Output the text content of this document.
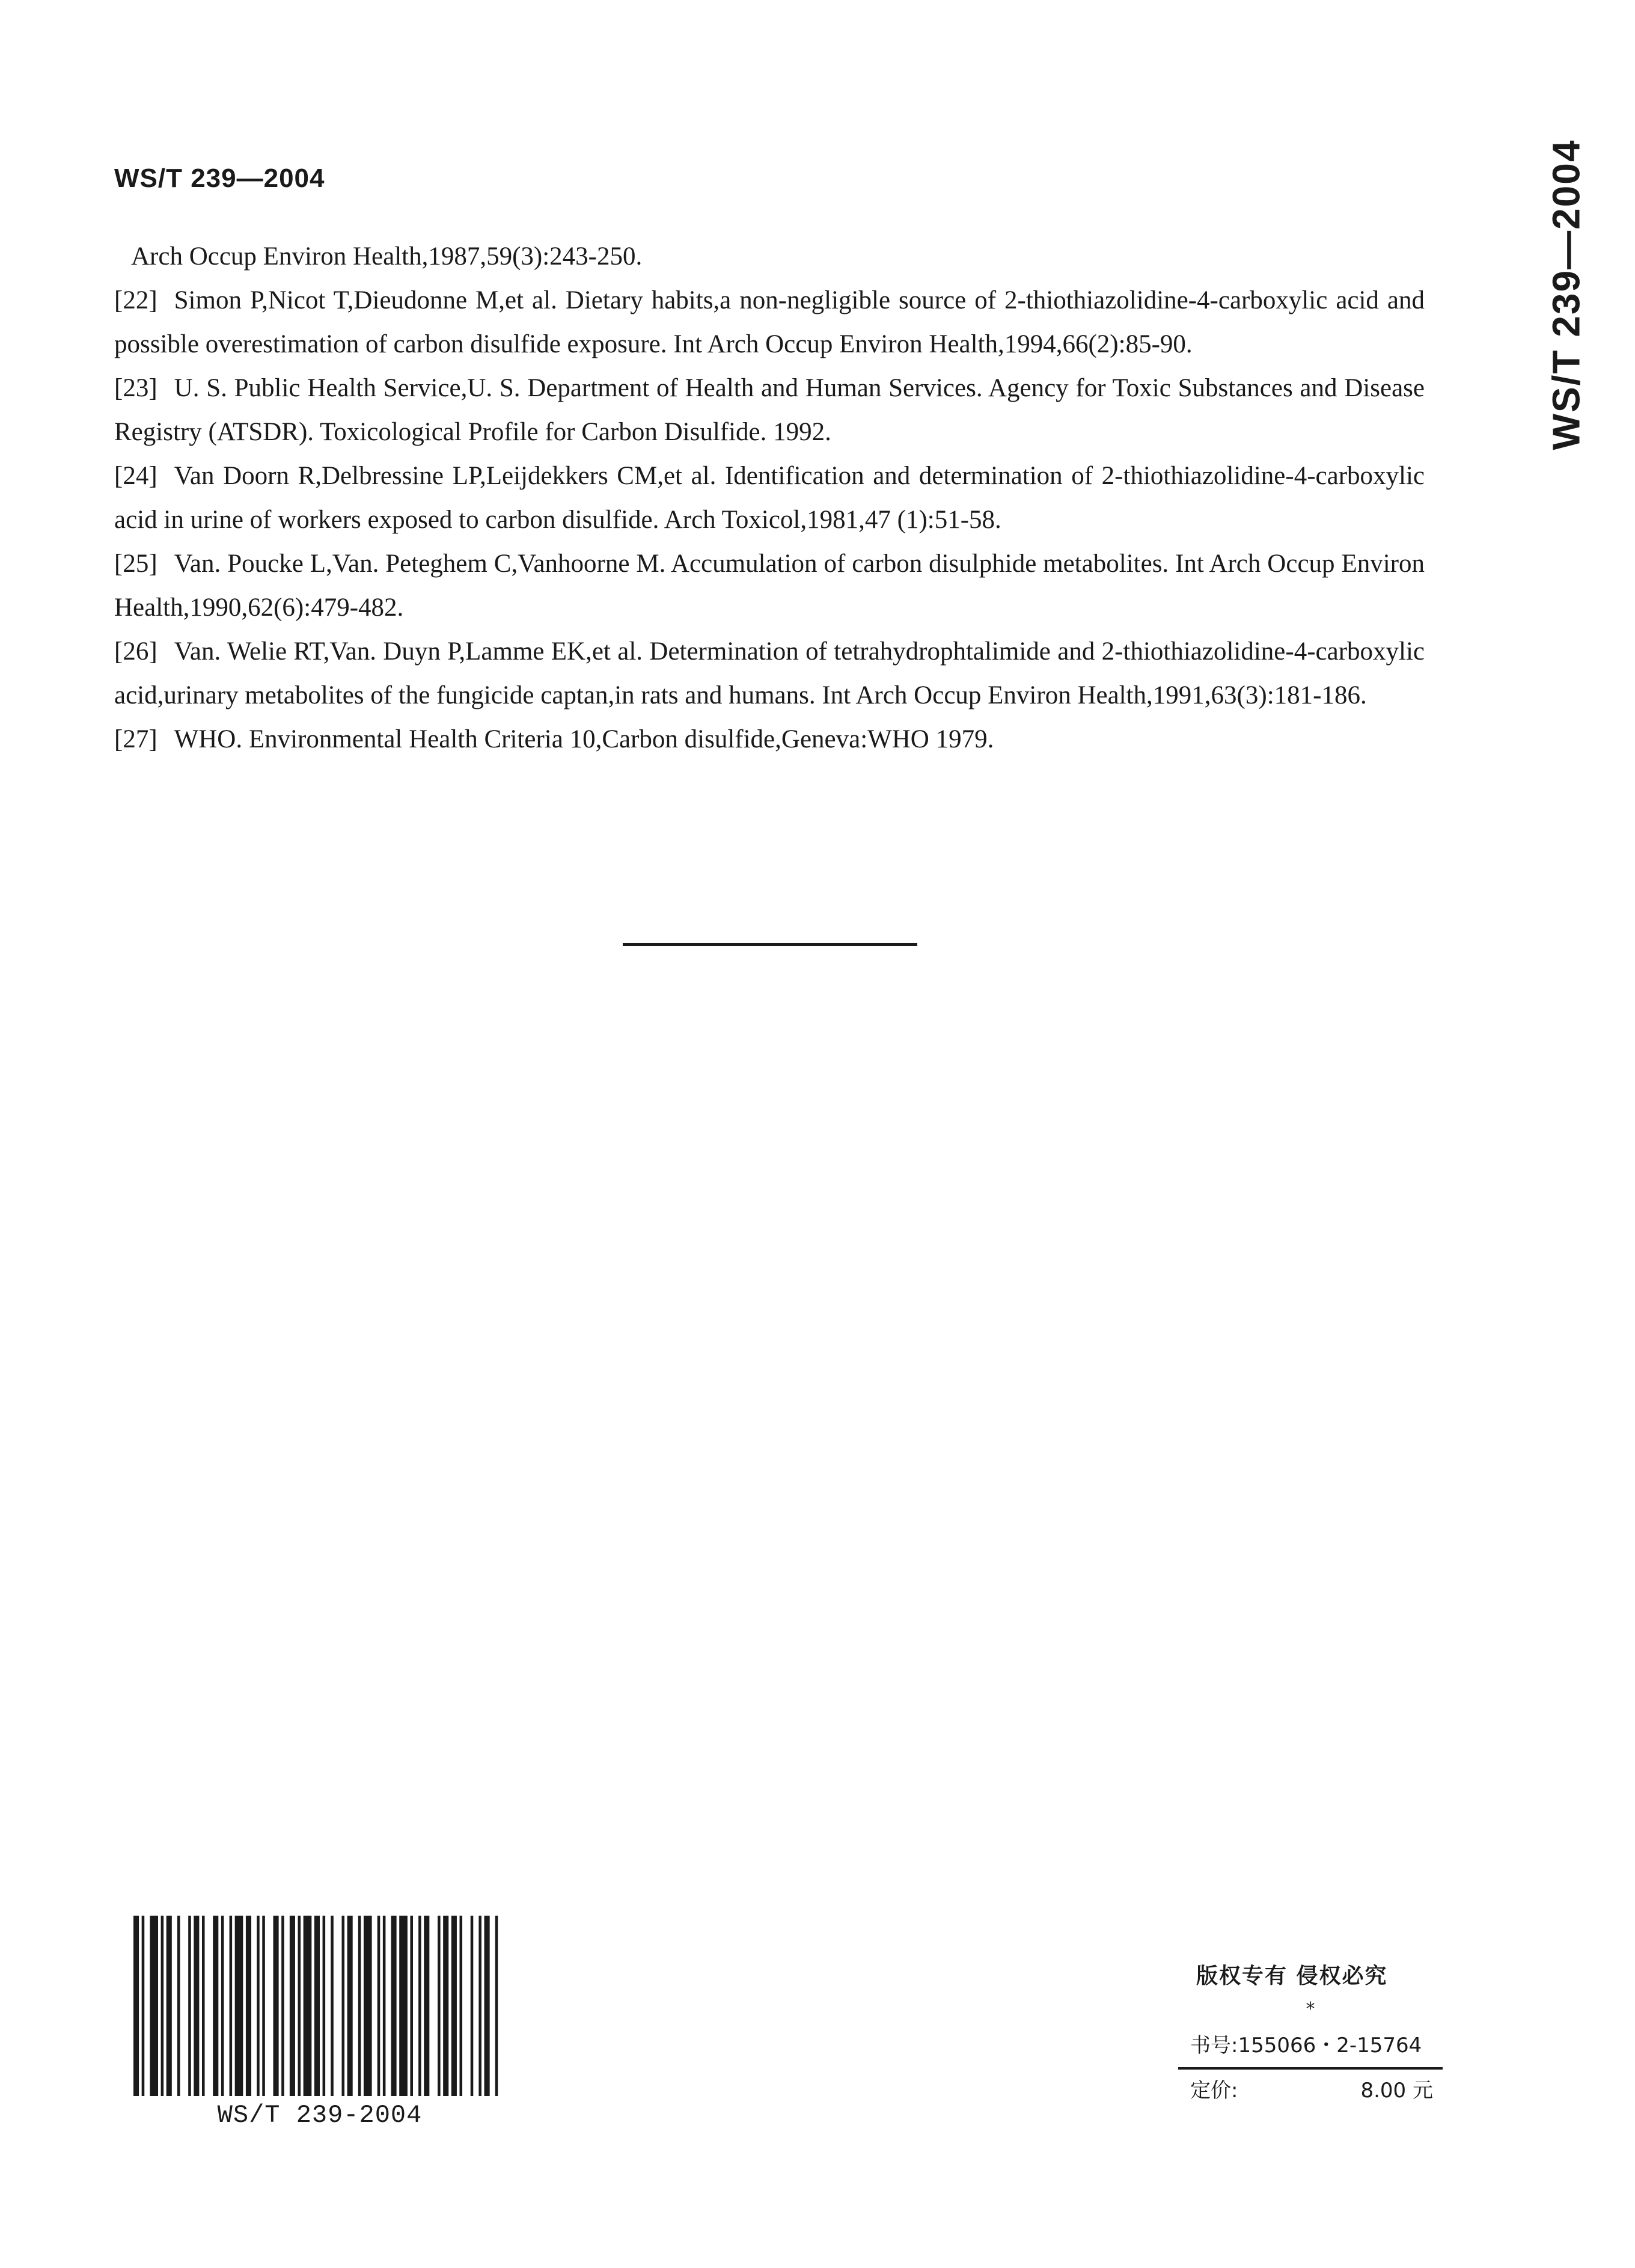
WS/T 239—2004	WS/T 239—2004

Arch Occup Environ Health,1987,59(3):243-250.

[22] Simon P,Nicot T,Dieudonne M,et al. Dietary habits,a non-negligible source of 2-thiothiazolidine-4-carboxylic acid and possible overestimation of carbon disulfide exposure. Int Arch Occup Environ Health,1994,66(2):85-90.

[23] U. S. Public Health Service,U. S. Department of Health and Human Services. Agency for Toxic Substances and Disease Registry (ATSDR). Toxicological Profile for Carbon Disulfide. 1992.

[24] Van Doorn R,Delbressine LP,Leijdekkers CM,et al. Identification and determination of 2-thiothiazolidine-4-carboxylic acid in urine of workers exposed to carbon disulfide. Arch Toxicol,1981,47 (1):51-58.

[25] Van. Poucke L,Van. Peteghem C,Vanhoorne M. Accumulation of carbon disulphide metabolites. Int Arch Occup Environ Health,1990,62(6):479-482.

[26] Van. Welie RT,Van. Duyn P,Lamme EK,et al. Determination of tetrahydrophtalimide and 2-thiothiazolidine-4-carboxylic acid,urinary metabolites of the fungicide captan,in rats and humans. Int Arch Occup Environ Health,1991,63(3):181-186.

[27] WHO. Environmental Health Criteria 10,Carbon disulfide,Geneva:WHO 1979.

WS/T 239-2004
版权专有 侵权必究
*
书号:155066・2-15764
定价:	8.00 元
